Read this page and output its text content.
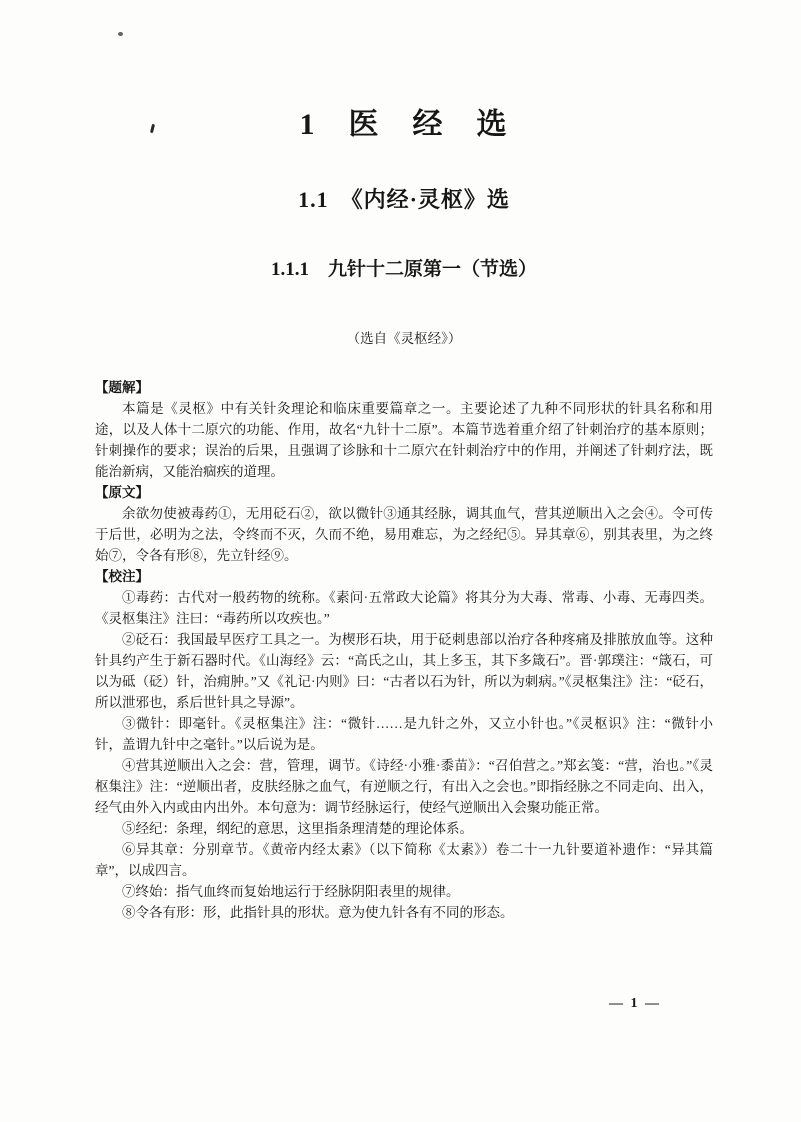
1　医　经　选
1.1　《内经·灵枢》选
1.1.1　九针十二原第一（节选）
（选自《灵枢经》）
【题解】

本篇是《灵枢》中有关针灸理论和临床重要篇章之一。主要论述了九种不同形状的针具名称和用途，以及人体十二原穴的功能、作用，故名“九针十二原”。本篇节选着重介绍了针刺治疗的基本原则；针刺操作的要求；误治的后果，且强调了诊脉和十二原穴在针刺治疗中的作用，并阐述了针刺疗法，既能治新病，又能治痼疾的道理。

【原文】

余欲勿使被毒药①，无用砭石②，欲以微针③通其经脉，调其血气，营其逆顺出入之会④。令可传于后世，必明为之法，令终而不灭，久而不绝，易用难忘，为之经纪⑤。异其章⑥，别其表里，为之终始⑦，令各有形⑧，先立针经⑨。

【校注】

①毒药：古代对一般药物的统称。《素问·五常政大论篇》将其分为大毒、常毒、小毒、无毒四类。《灵枢集注》注曰：“毒药所以攻疾也。”

②砭石：我国最早医疗工具之一。为楔形石块，用于砭刺患部以治疗各种疼痛及排脓放血等。这种针具约产生于新石器时代。《山海经》云：“高氏之山，其上多玉，其下多箴石”。晋·郭璞注：“箴石，可以为砥（砭）针，治痈肿。”又《礼记·内则》曰：“古者以石为针，所以为刺病。”《灵枢集注》注：“砭石，所以泄邪也，系后世针具之导源”。

③微针：即毫针。《灵枢集注》注：“微针……是九针之外，又立小针也。”《灵枢识》注：“微针小针，盖谓九针中之毫针。”以后说为是。

④营其逆顺出入之会：营，管理，调节。《诗经·小雅·黍苗》：“召伯营之。”郑玄笺：“营，治也。”《灵枢集注》注：“逆顺出者，皮肤经脉之血气，有逆顺之行，有出入之会也。”即指经脉之不同走向、出入，经气由外入内或由内出外。本句意为：调节经脉运行，使经气逆顺出入会聚功能正常。

⑤经纪：条理，纲纪的意思，这里指条理清楚的理论体系。

⑥异其章：分别章节。《黄帝内经太素》（以下简称《太素》）卷二十一九针要道补遗作：“异其篇章”，以成四言。

⑦终始：指气血终而复始地运行于经脉阴阳表里的规律。

⑧令各有形：形，此指针具的形状。意为使九针各有不同的形态。

— 1 —
